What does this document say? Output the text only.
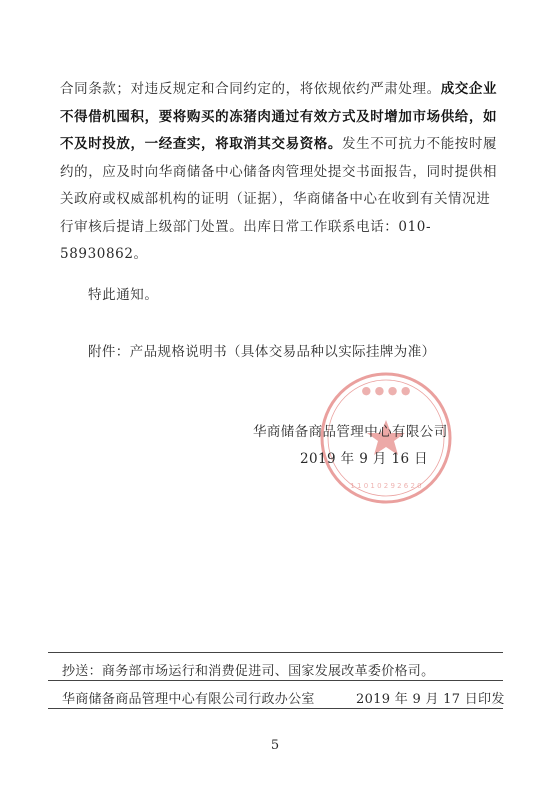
合同条款；对违反规定和合同约定的，将依规依约严肃处理。成交企业不得借机囤积，要将购买的冻猪肉通过有效方式及时增加市场供给，如不及时投放，一经查实，将取消其交易资格。发生不可抗力不能按时履约的，应及时向华商储备中心储备肉管理处提交书面报告，同时提供相关政府或权威部机构的证明（证据），华商储备中心在收到有关情况进行审核后提请上级部门处置。出库日常工作联系电话：010-58930862。
特此通知。
附件：产品规格说明书（具体交易品种以实际挂牌为准）
● ● ● ●
1 1 0 1 0 2 9 2 6 2 0
华商储备商品管理中心有限公司
2019 年 9 月 16 日
抄送：商务部市场运行和消费促进司、国家发展改革委价格司。
华商储备商品管理中心有限公司行政办公室	2019 年 9 月 17 日印发
5
